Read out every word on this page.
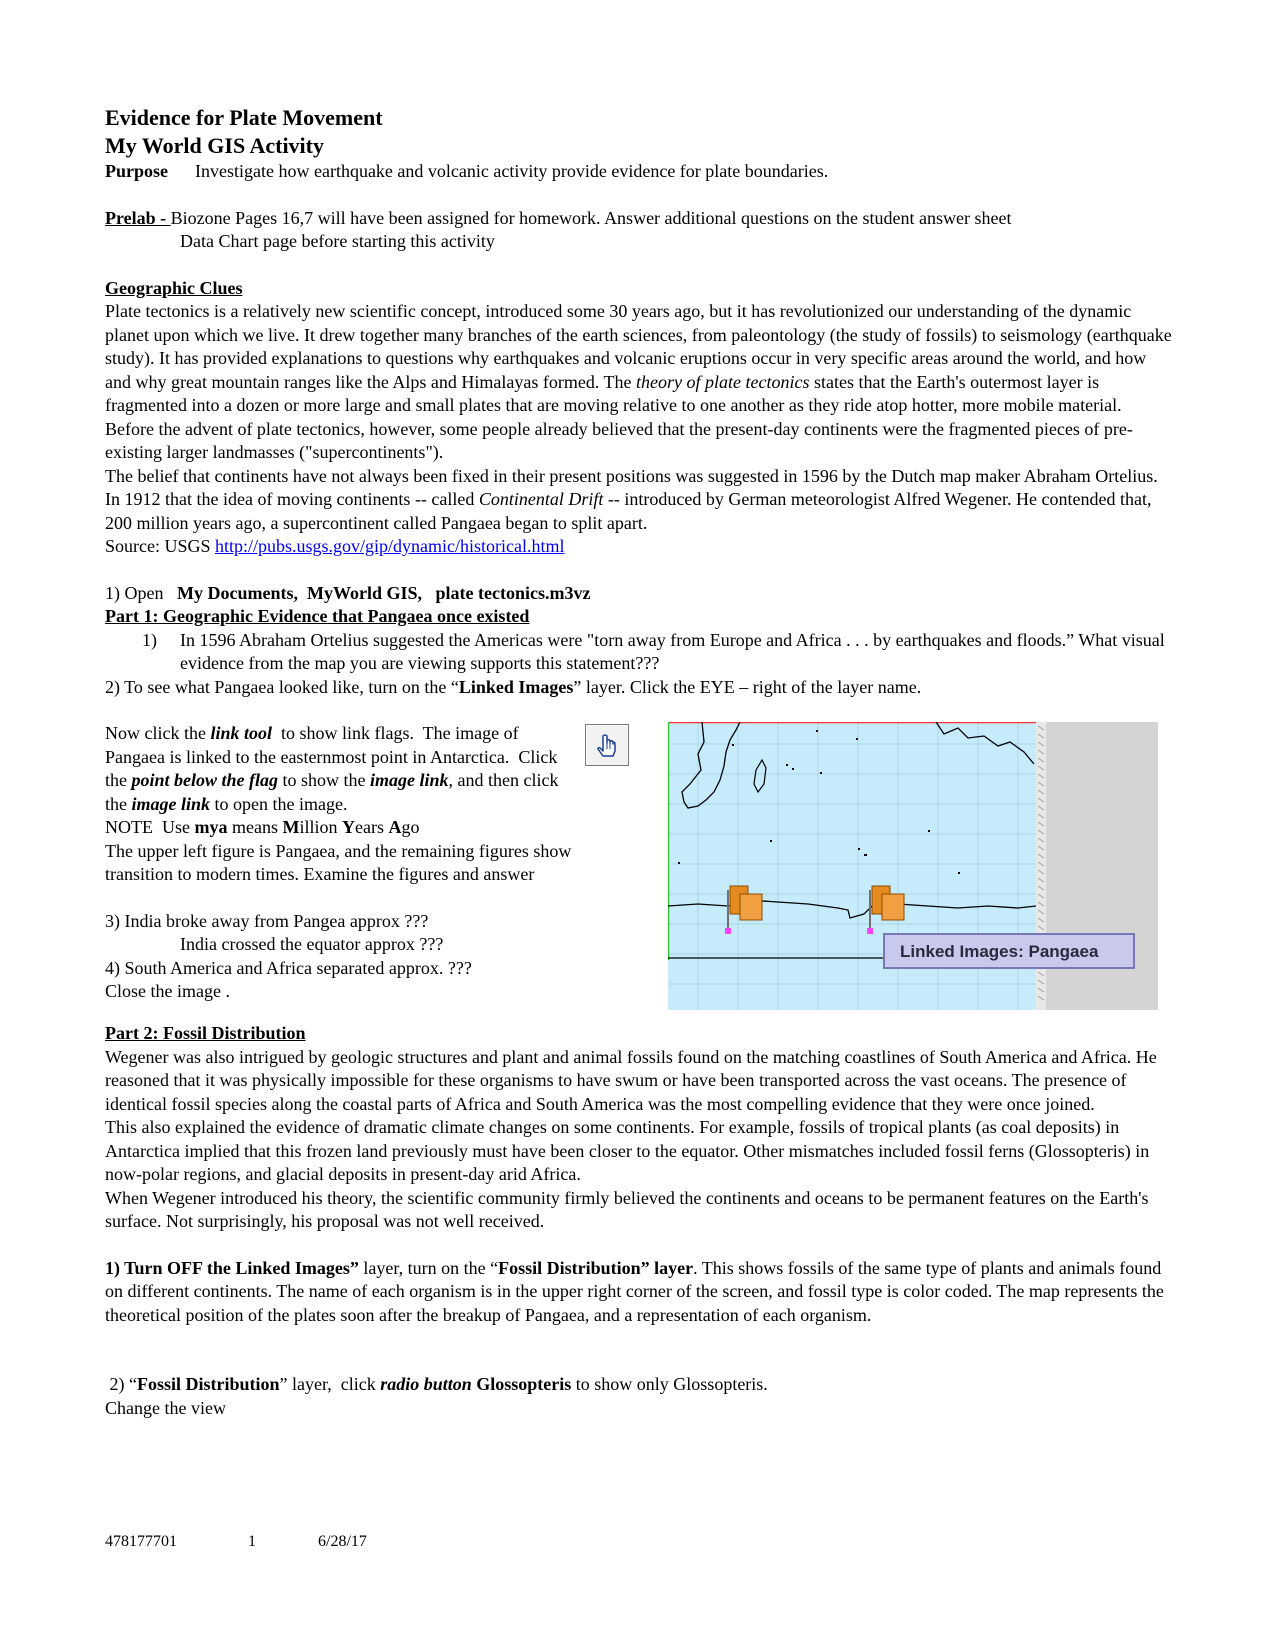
Evidence for Plate Movement

My World GIS Activity

Purpose Investigate how earthquake and volcanic activity provide evidence for plate boundaries.

Prelab - Biozone Pages 16,7 will have been assigned for homework. Answer additional questions on the student answer sheet

Data Chart page before starting this activity

Geographic Clues

Plate tectonics is a relatively new scientific concept, introduced some 30 years ago, but it has revolutionized our understanding of the dynamic planet upon which we live. It drew together many branches of the earth sciences, from paleontology (the study of fossils) to seismology (earthquake study). It has provided explanations to questions why earthquakes and volcanic eruptions occur in very specific areas around the world, and how and why great mountain ranges like the Alps and Himalayas formed. The theory of plate tectonics states that the Earth's outermost layer is fragmented into a dozen or more large and small plates that are moving relative to one another as they ride atop hotter, more mobile material. Before the advent of plate tectonics, however, some people already believed that the present-day continents were the fragmented pieces of pre-existing larger landmasses ("supercontinents").

The belief that continents have not always been fixed in their present positions was suggested in 1596 by the Dutch map maker Abraham Ortelius. In 1912 that the idea of moving continents -- called Continental Drift -- introduced by German meteorologist Alfred Wegener. He contended that, 200 million years ago, a supercontinent called Pangaea began to split apart.

Source: USGS http://pubs.usgs.gov/gip/dynamic/historical.html

1) Open   My Documents,  MyWorld GIS,   plate tectonics.m3vz

Part 1: Geographic Evidence that Pangaea once existed

1) In 1596 Abraham Ortelius suggested the Americas were "torn away from Europe and Africa . . . by earthquakes and floods.” What visual evidence from the map you are viewing supports this statement???

2) To see what Pangaea looked like, turn on the “Linked Images” layer. Click the EYE – right of the layer name.

Now click the link tool  to show link flags.  The image of Pangaea is linked to the easternmost point in Antarctica.  Click the point below the flag to show the image link, and then click the image link to open the image.

NOTE  Use mya means Million Years Ago

The upper left figure is Pangaea, and the remaining figures show transition to modern times. Examine the figures and answer

3) India broke away from Pangea approx ???

India crossed the equator approx ???

4) South America and Africa separated approx. ???

Close the image .

Linked Images: Pangaea

Part 2: Fossil Distribution

Wegener was also intrigued by geologic structures and plant and animal fossils found on the matching coastlines of South America and Africa. He reasoned that it was physically impossible for these organisms to have swum or have been transported across the vast oceans. The presence of identical fossil species along the coastal parts of Africa and South America was the most compelling evidence that they were once joined.

This also explained the evidence of dramatic climate changes on some continents. For example, fossils of tropical plants (as coal deposits) in Antarctica implied that this frozen land previously must have been closer to the equator. Other mismatches included fossil ferns (Glossopteris) in now-polar regions, and glacial deposits in present-day arid Africa.

When Wegener introduced his theory, the scientific community firmly believed the continents and oceans to be permanent features on the Earth's surface. Not surprisingly, his proposal was not well received.

1) Turn OFF the Linked Images” layer, turn on the “Fossil Distribution” layer. This shows fossils of the same type of plants and animals found on different continents. The name of each organism is in the upper right corner of the screen, and fossil type is color coded. The map represents the theoretical position of the plates soon after the breakup of Pangaea, and a representation of each organism.

2) “Fossil Distribution” layer,  click radio button Glossopteris to show only Glossopteris.

Change the view

478177701	1	6/28/17
